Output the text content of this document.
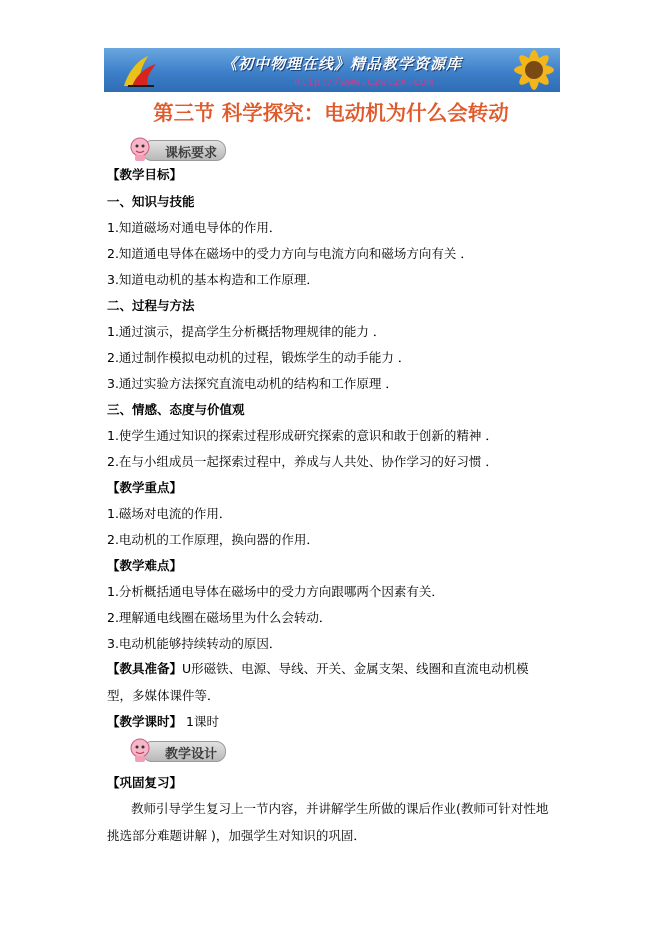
《初中物理在线》精品教学资源库
http://www.czwlzx.com
第三节 科学探究：电动机为什么会转动
课标要求
【教学目标】
一、知识与技能
1.知道磁场对通电导体的作用．
2.知道通电导体在磁场中的受力方向与电流方向和磁场方向有关 ．
3.知道电动机的基本构造和工作原理．
二、过程与方法
1.通过演示，提高学生分析概括物理规律的能力 ．
2.通过制作模拟电动机的过程，锻炼学生的动手能力 ．
3.通过实验方法探究直流电动机的结构和工作原理 ．
三、情感、态度与价值观
1.使学生通过知识的探索过程形成研究探索的意识和敢于创新的精神 ．
2.在与小组成员一起探索过程中，养成与人共处、协作学习的好习惯 ．
【教学重点】
1.磁场对电流的作用．
2.电动机的工作原理，换向器的作用．
【教学难点】
1.分析概括通电导体在磁场中的受力方向跟哪两个因素有关．
2.理解通电线圈在磁场里为什么会转动．
3.电动机能够持续转动的原因．
【教具准备】U形磁铁、电源、导线、开关、金属支架、线圈和直流电动机模型，多媒体课件等．
【教学课时】 1课时
教学设计
【巩固复习】
教师引导学生复习上一节内容，并讲解学生所做的课后作业(教师可针对性地挑选部分难题讲解 )，加强学生对知识的巩固．
